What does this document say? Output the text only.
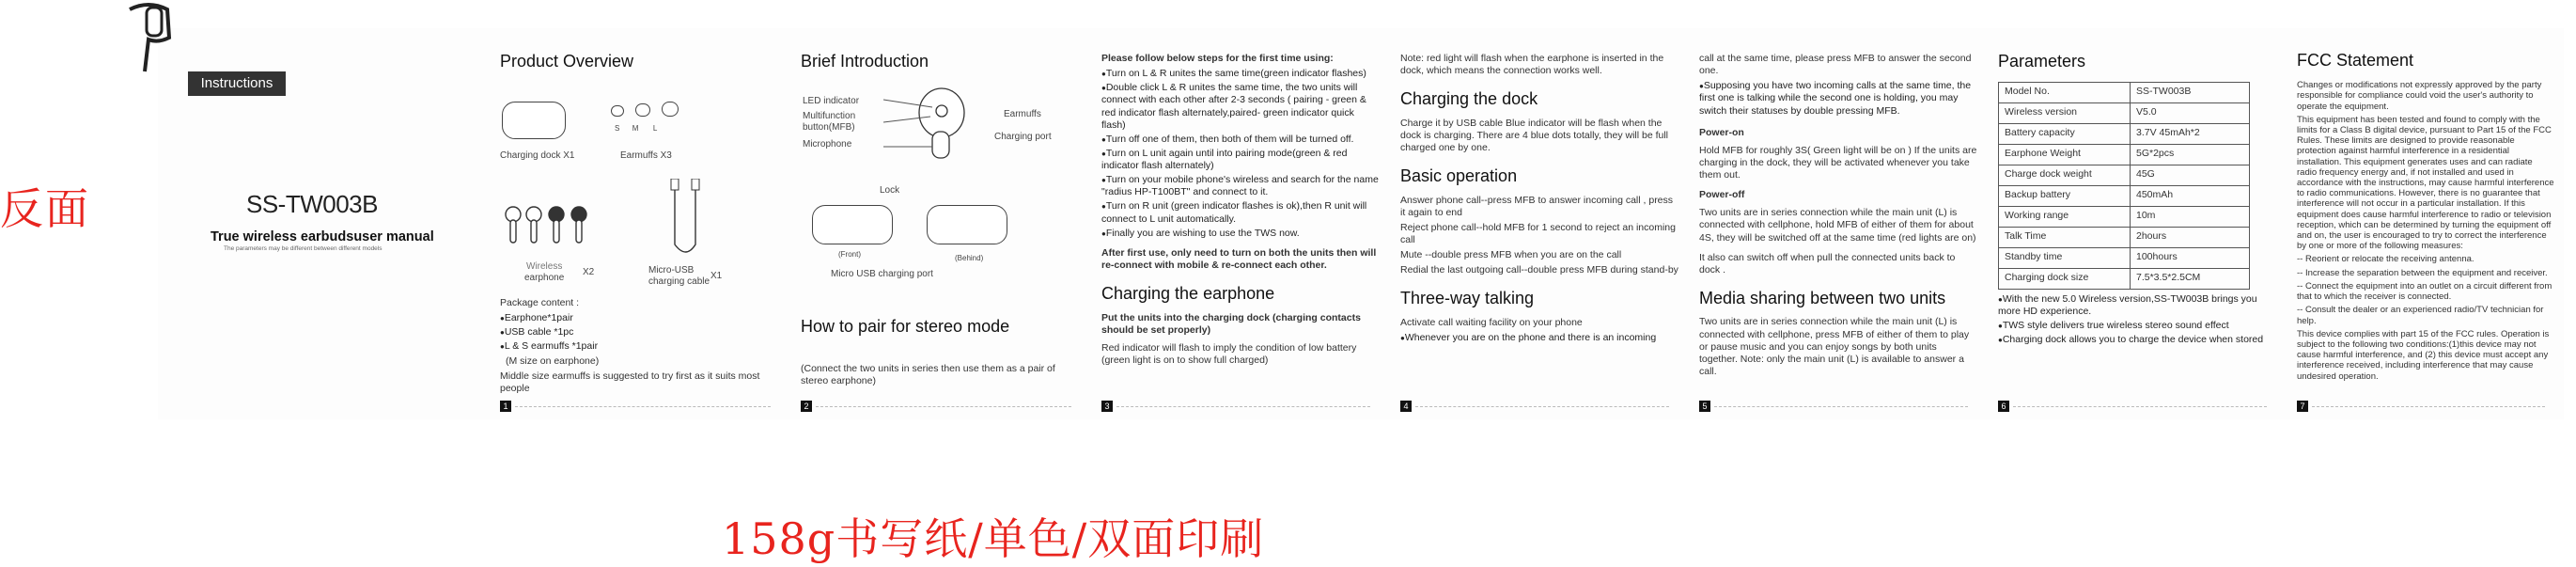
反面
Instructions
SS-TW003B
True wireless earbudsuser manual
The parameters may be different between different models
Product Overview
Charging dock X1
S M L
Earmuffs X3
Wireless
earphone
X2	Micro-USB
charging cable
X1

Package content :

● Earphone*1pair
● USB cable *1pc
● L & S earmuffs *1pair

(M size on earphone)

Middle size earmuffs is suggested to try first as it suits most people

1
Brief Introduction
LED indicator
Multifunction
button(MFB)
Microphone
Earmuffs
Charging port
Lock
(Front)	(Behind)
Micro USB charging port
How to pair for stereo mode

(Connect the two units in series then use them as a pair of stereo earphone)

2

Please follow below steps for the first time using:

● Turn on L & R unites the same time(green indicator flashes)
● Double click L & R unites the same time, the two units will connect with each other after 2-3 seconds ( pairing - green & red indicator flash alternately,paired- green indicator quick flash)
● Turn off one of them, then both of them will be turned off.
● Turn on L unit again until into pairing mode(green & red indicator flash alternately)
● Turn on your mobile phone's wireless and search for the name "radius HP-T100BT" and connect to it.
● Turn on R unit (green indicator flashes is ok),then R unit will connect to L unit automatically.
● Finally you are wishing to use the TWS now.

After first use, only need to turn on both the units then will re-connect with mobile & re-connect each other.

Charging the earphone

Put the units into the charging dock (charging contacts should be set properly)

Red indicator will flash to imply the condition of low battery (green light is on to show full charged)

3

Note: red light will flash when the earphone is inserted in the dock, which means the connection works well.

Charging the dock

Charge it by USB cable Blue indicator will be flash when the dock is charging. There are 4 blue dots totally, they will be full charged one by one.

Basic operation

Answer phone call--press MFB to answer incoming call , press it again to end

Reject phone call--hold MFB for 1 second to reject an incoming call

Mute --double press MFB when you are on the call

Redial the last outgoing call--double press MFB during stand-by

Three-way talking

Activate call waiting facility on your phone

● Whenever you are on the phone and there is an incoming
4

call at the same time, please press MFB to answer the second one.

● Supposing you have two incoming calls at the same time, the first one is talking while the second one is holding, you may switch their statuses by double pressing MFB.

Power-on

Hold MFB for roughly 3S( Green light will be on ) If the units are charging in the dock, they will be activated whenever you take them out.

Power-off

Two units are in series connection while the main unit (L) is connected with cellphone, hold MFB of either of them for about 4S, they will be switched off at the same time (red lights are on)

It also can switch off when pull the connected units back to dock .

Media sharing between two units

Two units are in series connection while the main unit (L) is connected with cellphone, press MFB of either of them to play or pause music and you can enjoy songs by both units together. Note: only the main unit (L) is available to answer a call.

5
Parameters
Model No.	SS-TW003B
Wireless version	V5.0
Battery capacity	3.7V 45mAh*2
Earphone Weight	5G*2pcs
Charge dock weight	45G
Backup battery	450mAh
Working range	10m
Talk Time	2hours
Standby time	100hours
Charging dock size	7.5*3.5*2.5CM
● With the new 5.0 Wireless version,SS-TW003B brings you more HD experience.
● TWS style delivers true wireless stereo sound effect
● Charging dock allows you to charge the device when stored
6
FCC Statement

Changes or modifications not expressly approved by the party responsible for compliance could void the user's authority to operate the equipment.

This equipment has been tested and found to comply with the limits for a Class B digital device, pursuant to Part 15 of the FCC Rules. These limits are designed to provide reasonable protection against harmful interference in a residential installation. This equipment generates uses and can radiate radio frequency energy and, if not installed and used in accordance with the instructions, may cause harmful interference to radio communications. However, there is no guarantee that interference will not occur in a particular installation. If this equipment does cause harmful interference to radio or television reception, which can be determined by turning the equipment off and on, the user is encouraged to try to correct the interference by one or more of the following measures:

-- Reorient or relocate the receiving antenna.

-- Increase the separation between the equipment and receiver.

-- Connect the equipment into an outlet on a circuit different from that to which the receiver is connected.

-- Consult the dealer or an experienced radio/TV technician for help.

This device complies with part 15 of the FCC rules. Operation is subject to the following two conditions:(1)this device may not cause harmful interference, and (2) this device must accept any interference received, including interference that may cause undesired operation.

7
158g书写纸/单色/双面印刷
